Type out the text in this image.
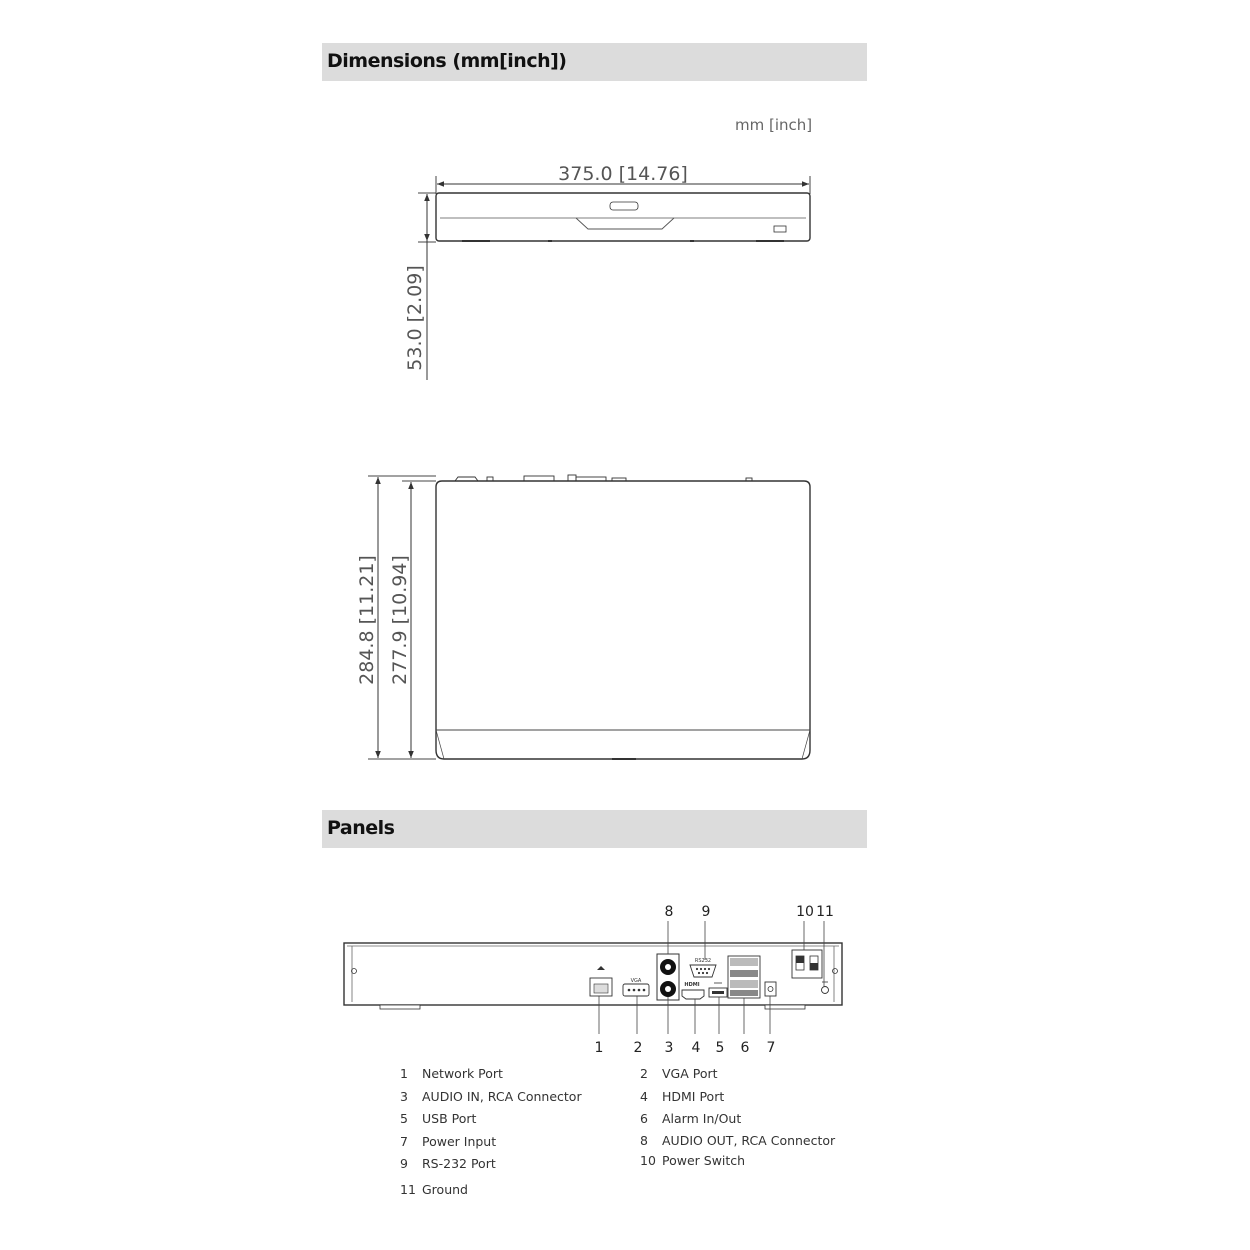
Dimensions (mm[inch])
Panels
mm [inch]
375.0 [14.76]
53.0 [2.09]
284.8 [11.21] 277.9 [10.94]
VGA
RS232
HDMI
8 9	10 11
1 2 3 4 5 6 7
1 Network Port	2 VGA Port
3 AUDIO IN, RCA Connector	4 HDMI Port
5 USB Port	6 Alarm In/Out
7 Power Input	8 AUDIO OUT, RCA Connector
9 RS-232 Port	10 Power Switch
11 Ground
